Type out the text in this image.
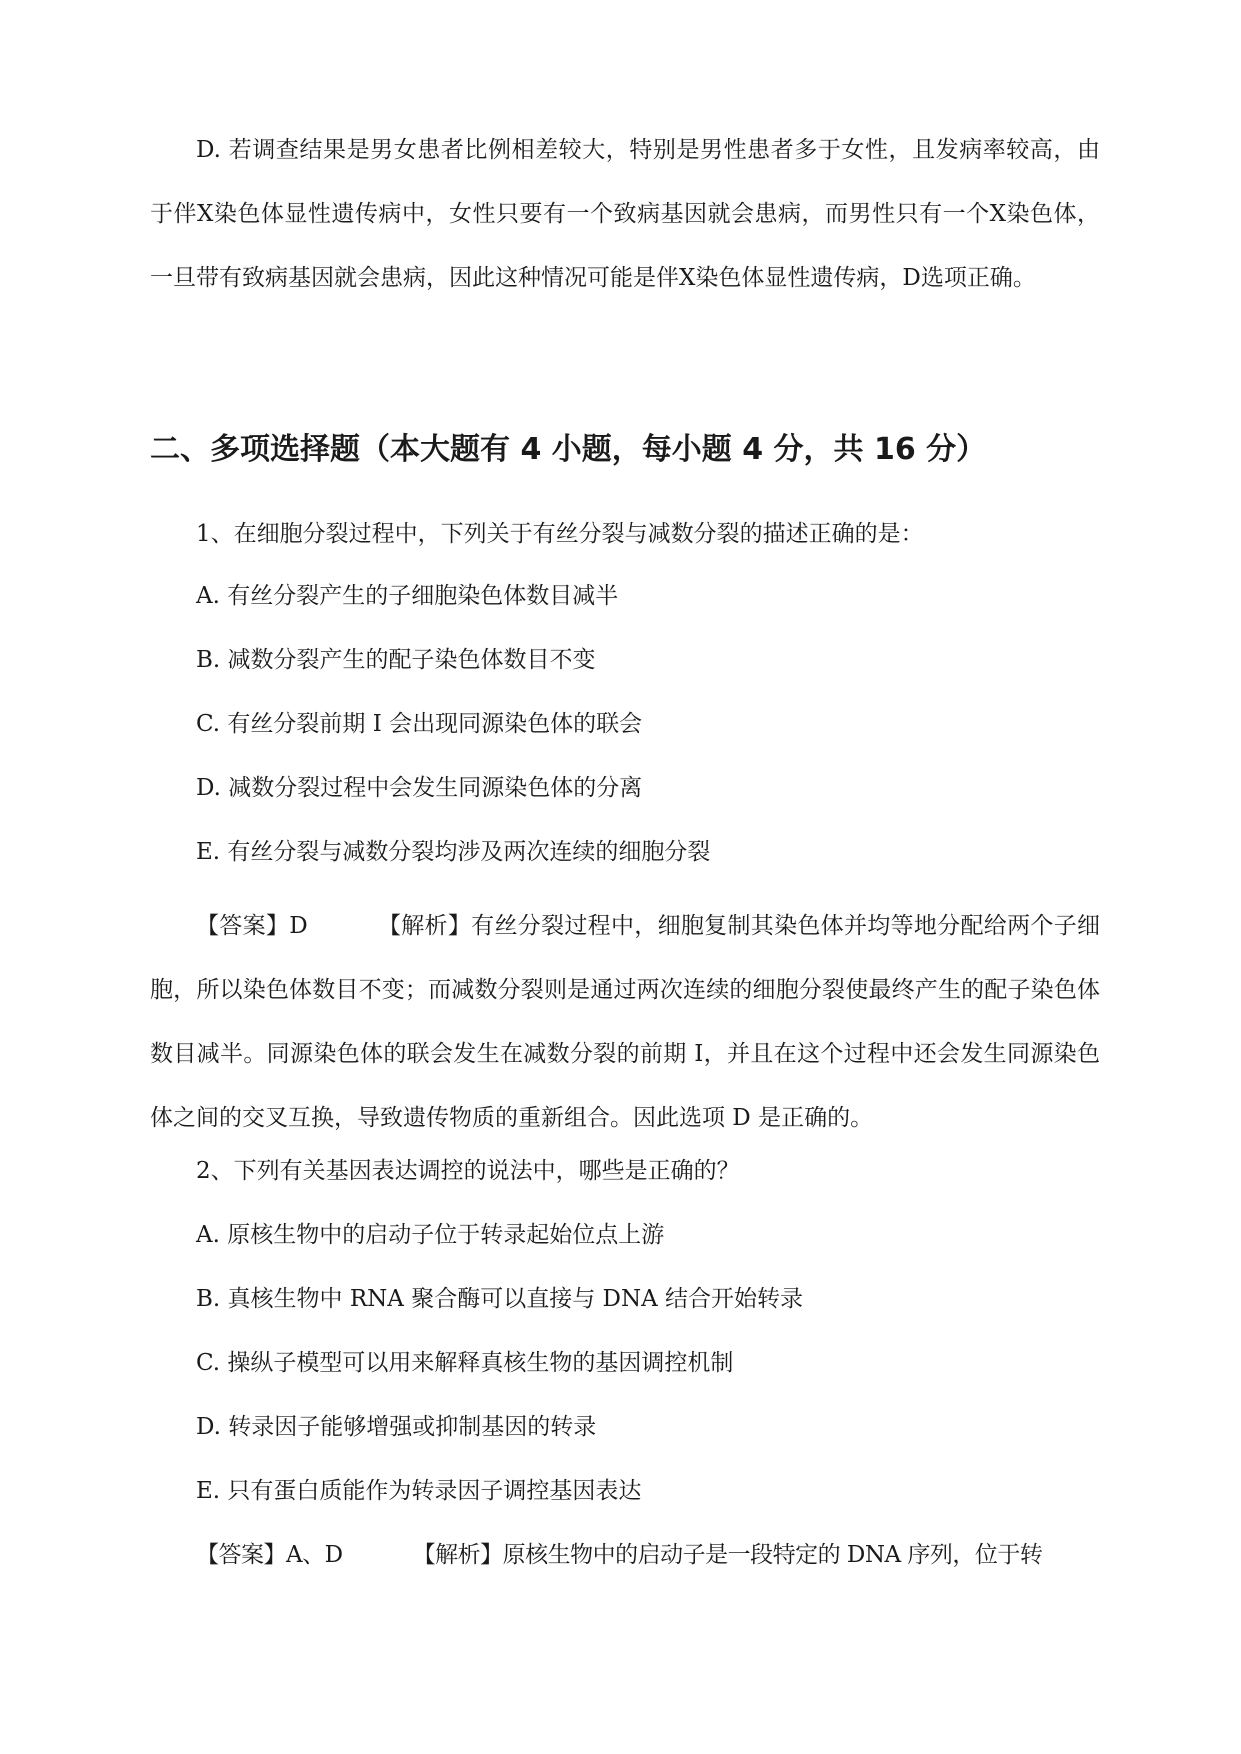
D. 若调查结果是男女患者比例相差较大，特别是男性患者多于女性，且发病率较高，由于伴X染色体显性遗传病中，女性只要有一个致病基因就会患病，而男性只有一个X染色体，一旦带有致病基因就会患病，因此这种情况可能是伴X染色体显性遗传病，D选项正确。

二、多项选择题（本大题有 4 小题，每小题 4 分，共 16 分）

1、在细胞分裂过程中，下列关于有丝分裂与减数分裂的描述正确的是：

A. 有丝分裂产生的子细胞染色体数目减半

B. 减数分裂产生的配子染色体数目不变

C. 有丝分裂前期 I 会出现同源染色体的联会

D. 减数分裂过程中会发生同源染色体的分离

E. 有丝分裂与减数分裂均涉及两次连续的细胞分裂

【答案】D	【解析】有丝分裂过程中，细胞复制其染色体并均等地分配给两个子细胞，所以染色体数目不变；而减数分裂则是通过两次连续的细胞分裂使最终产生的配子染色体数目减半。同源染色体的联会发生在减数分裂的前期 I，并且在这个过程中还会发生同源染色体之间的交叉互换，导致遗传物质的重新组合。因此选项 D 是正确的。

2、下列有关基因表达调控的说法中，哪些是正确的？

A. 原核生物中的启动子位于转录起始位点上游

B. 真核生物中 RNA 聚合酶可以直接与 DNA 结合开始转录

C. 操纵子模型可以用来解释真核生物的基因调控机制

D. 转录因子能够增强或抑制基因的转录

E. 只有蛋白质能作为转录因子调控基因表达

【答案】A、D	【解析】原核生物中的启动子是一段特定的 DNA 序列，位于转
